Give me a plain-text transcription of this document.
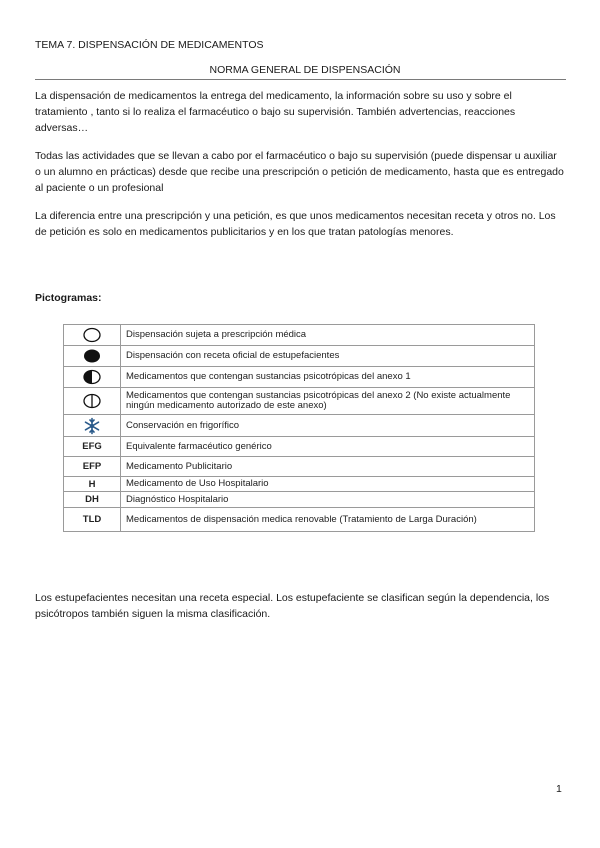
TEMA 7. DISPENSACIÓN DE MEDICAMENTOS
NORMA GENERAL DE DISPENSACIÓN
La dispensación de medicamentos la entrega del medicamento, la información sobre su uso y sobre el tratamiento , tanto si lo realiza el farmacéutico o bajo su supervisión. También advertencias, reacciones adversas…
Todas las actividades que se llevan a cabo por el farmacéutico o bajo su supervisión (puede dispensar u auxiliar o un alumno en prácticas) desde que recibe una prescripción o petición de medicamento, hasta que es entregado al paciente o un profesional
La diferencia entre una prescripción y una petición, es que unos medicamentos necesitan receta y otros no. Los de petición es solo en medicamentos publicitarios y en los que tratan patologías menores.
Pictogramas:
	Dispensación sujeta a prescripción médica
	Dispensación con receta oficial de estupefacientes
	Medicamentos que contengan sustancias psicotrópicas del anexo 1
	Medicamentos que contengan sustancias psicotrópicas del anexo 2 (No existe actualmente ningún medicamento autorizado de este anexo)
	Conservación en frigorífico
EFG	Equivalente farmacéutico genérico
EFP	Medicamento Publicitario
H	Medicamento de Uso Hospitalario
DH	Diagnóstico Hospitalario
TLD	Medicamentos de dispensación medica renovable (Tratamiento de Larga Duración)
Los estupefacientes necesitan una receta especial. Los estupefaciente se clasifican según la dependencia, los psicótropos también siguen la misma clasificación.
1
